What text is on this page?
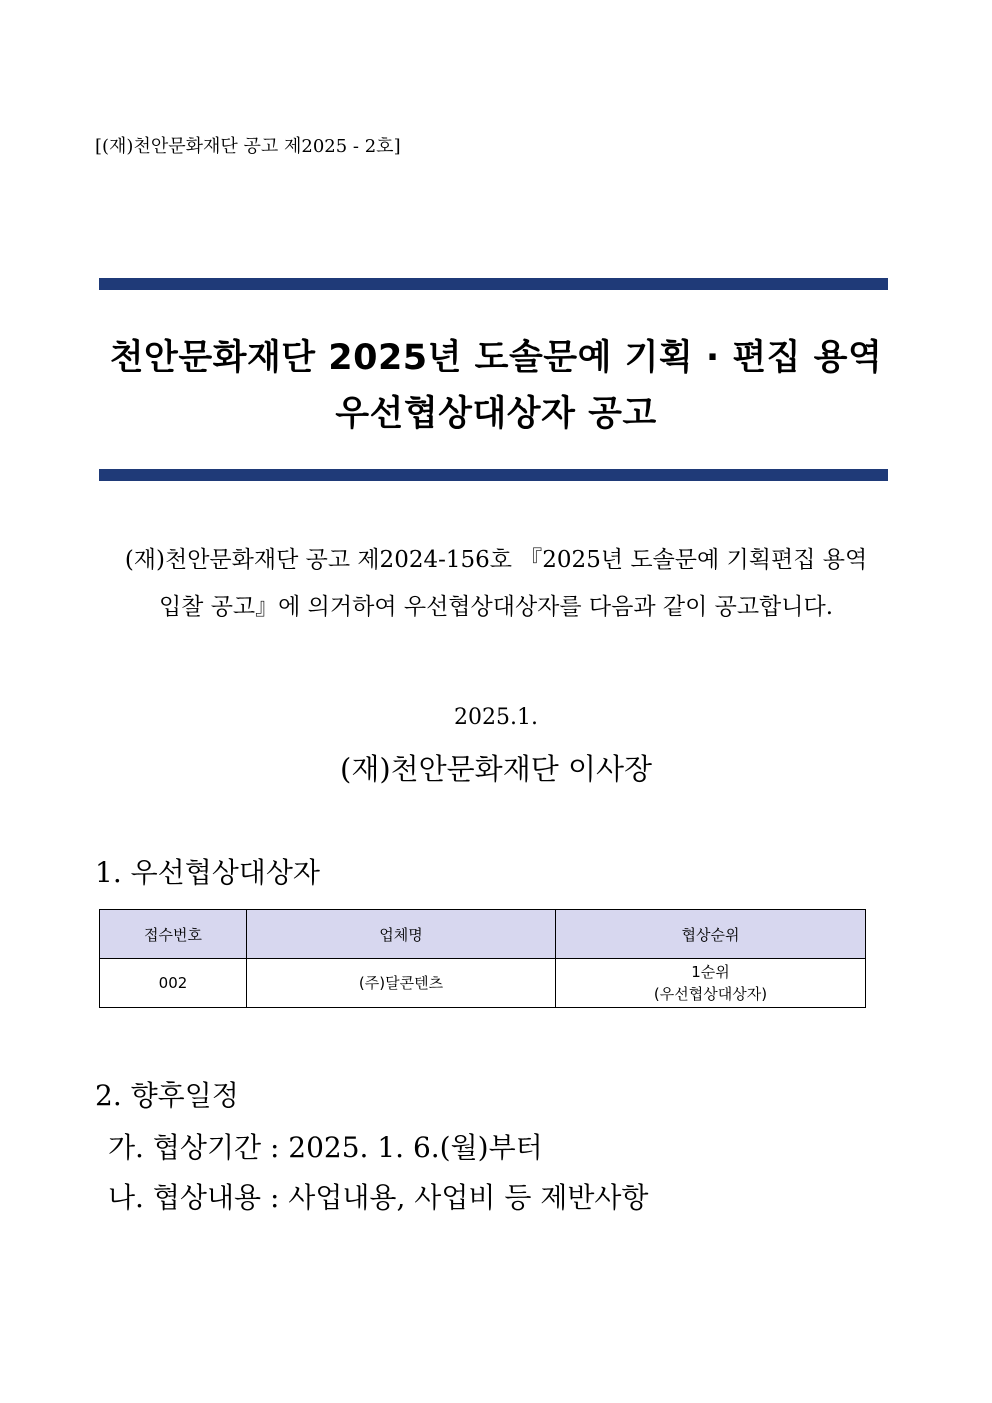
[(재)천안문화재단 공고 제2025 - 2호]
천안문화재단 2025년 도솔문예 기획 · 편집 용역
우선협상대상자 공고
(재)천안문화재단 공고 제2024-156호 『2025년 도솔문예 기획편집 용역
입찰 공고』에 의거하여 우선협상대상자를 다음과 같이 공고합니다.
2025.1.
(재)천안문화재단 이사장
1. 우선협상대상자
접수번호	업체명	협상순위
002	(주)달콘텐츠	1순위
(우선협상대상자)
2. 향후일정
가. 협상기간 : 2025. 1. 6.(월)부터
나. 협상내용 : 사업내용, 사업비 등 제반사항
